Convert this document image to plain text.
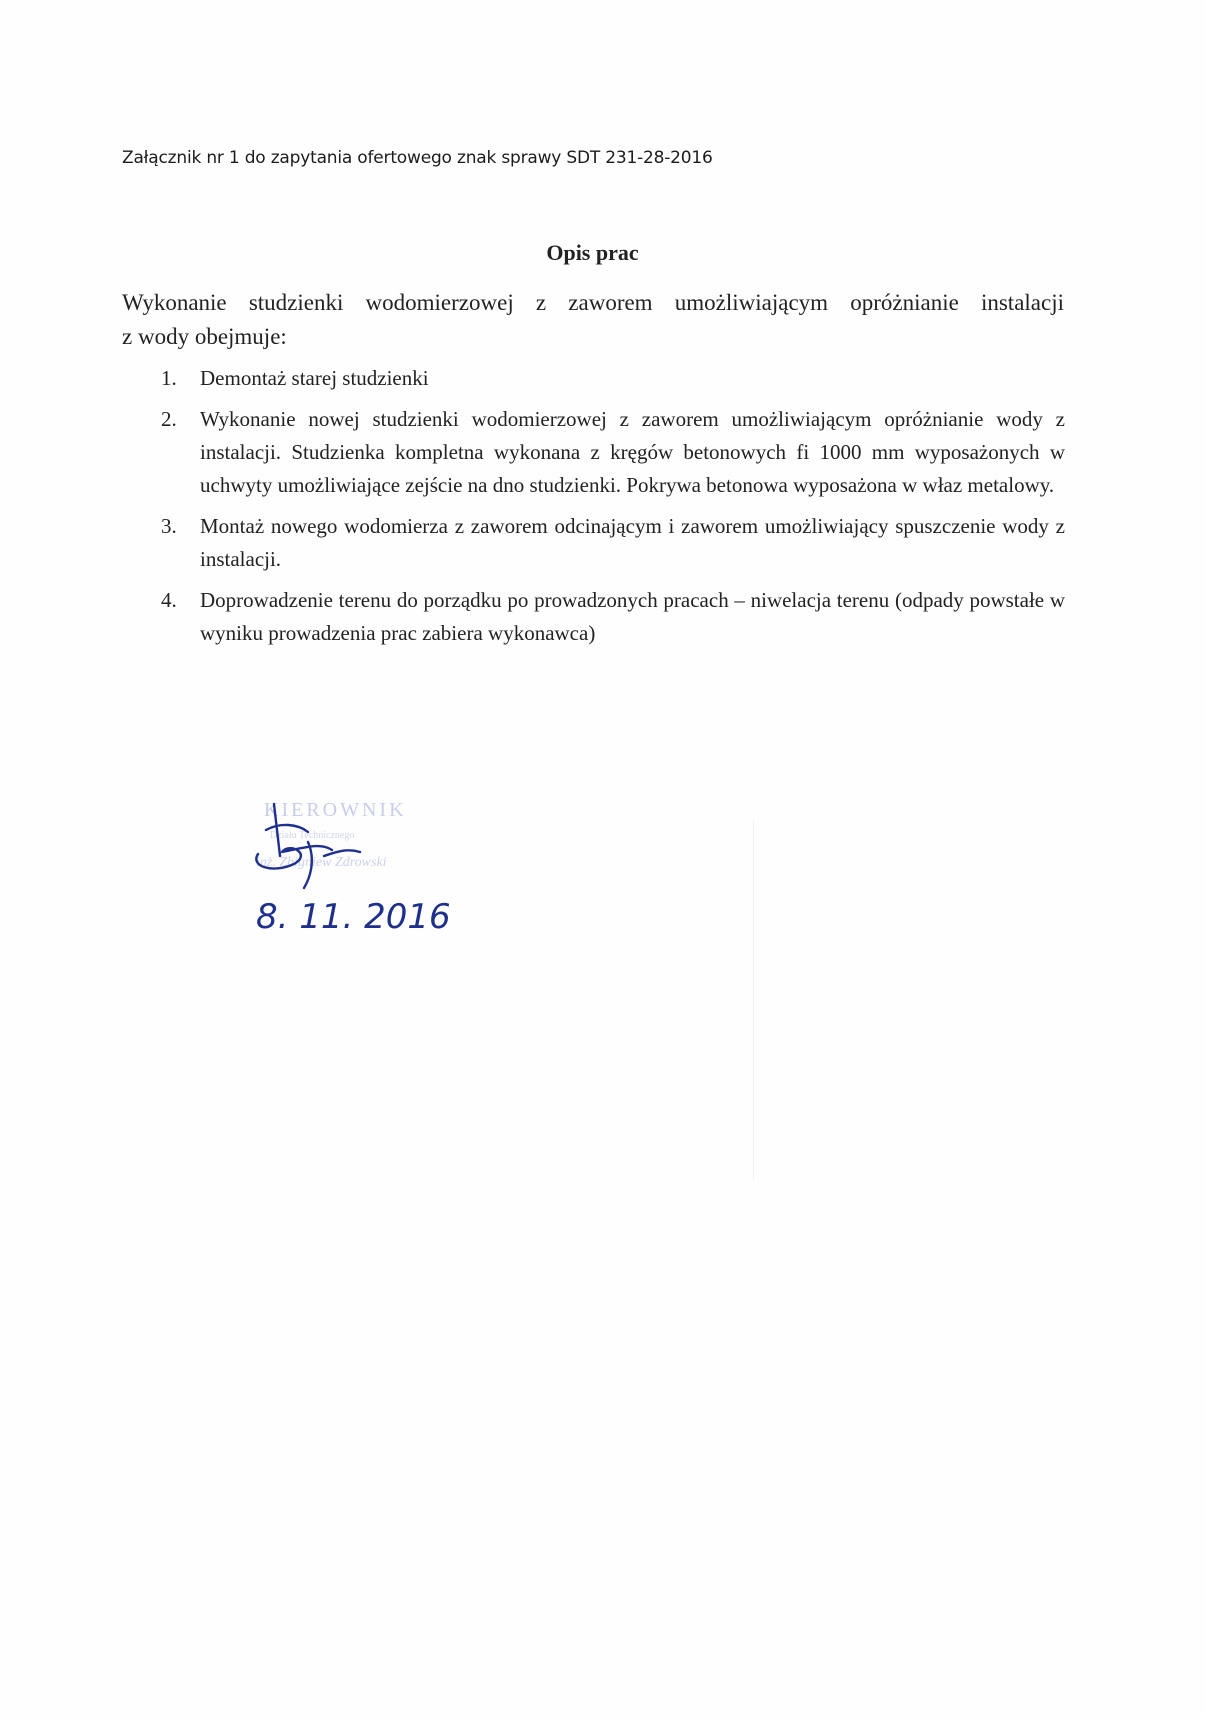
Załącznik nr 1 do zapytania ofertowego znak sprawy SDT 231-28-2016
Opis prac
Wykonanie studzienki wodomierzowej z zaworem umożliwiającym opróżnianie instalacji
z wody obejmuje:
1. Demontaż starej studzienki
2. Wykonanie nowej studzienki wodomierzowej z zaworem umożliwiającym opróżnianie wody z instalacji. Studzienka kompletna wykonana z kręgów betonowych fi 1000 mm wyposażonych w uchwyty umożliwiające zejście na dno studzienki. Pokrywa betonowa wyposażona w właz metalowy.
3. Montaż nowego wodomierza z zaworem odcinającym i zaworem umożliwiający spuszczenie wody z instalacji.
4. Doprowadzenie terenu do porządku po prowadzonych pracach – niwelacja terenu (odpady powstałe w wyniku prowadzenia prac zabiera wykonawca)
KIEROWNIK
Działu Technicznego
inż. Zbigniew Zdrowski
8. 11. 2016
